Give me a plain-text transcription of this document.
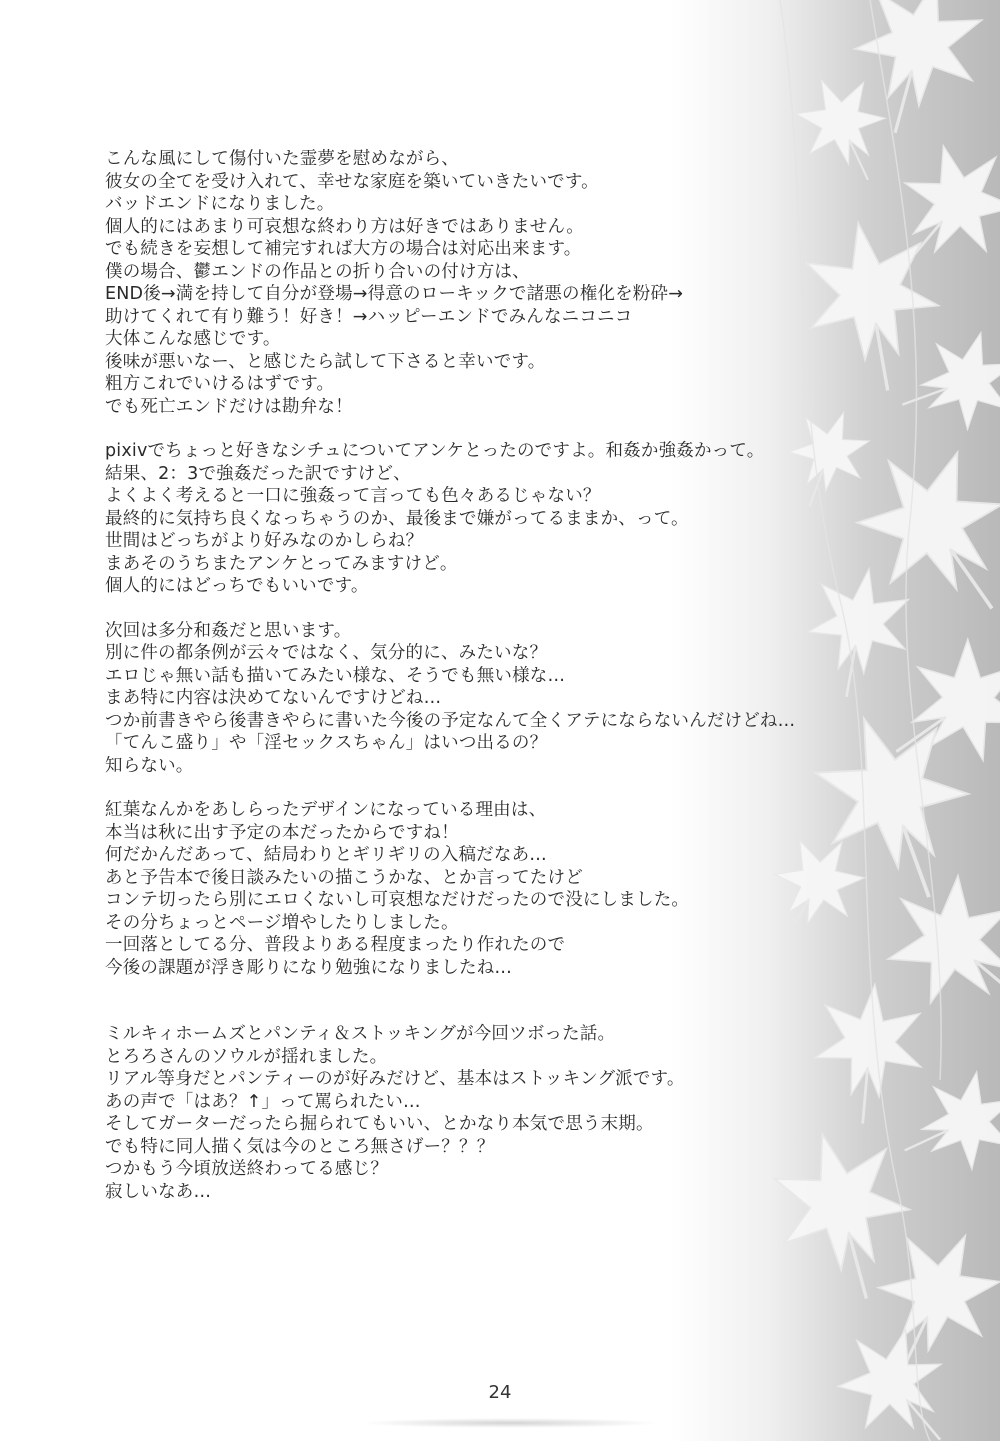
こんな風にして傷付いた霊夢を慰めながら、
彼女の全てを受け入れて、幸せな家庭を築いていきたいです。
バッドエンドになりました。
個人的にはあまり可哀想な終わり方は好きではありません。
でも続きを妄想して補完すれば大方の場合は対応出来ます。
僕の場合、鬱エンドの作品との折り合いの付け方は、
END後→満を持して自分が登場→得意のローキックで諸悪の権化を粉砕→
助けてくれて有り難う！好き！→ハッピーエンドでみんなニコニコ
大体こんな感じです。
後味が悪いなー、と感じたら試して下さると幸いです。
粗方これでいけるはずです。
でも死亡エンドだけは勘弁な！
pixivでちょっと好きなシチュについてアンケとったのですよ。和姦か強姦かって。
結果、2：3で強姦だった訳ですけど、
よくよく考えると一口に強姦って言っても色々あるじゃない？
最終的に気持ち良くなっちゃうのか、最後まで嫌がってるままか、って。
世間はどっちがより好みなのかしらね？
まあそのうちまたアンケとってみますけど。
個人的にはどっちでもいいです。
次回は多分和姦だと思います。
別に件の都条例が云々ではなく、気分的に、みたいな？
エロじゃ無い話も描いてみたい様な、そうでも無い様な…
まあ特に内容は決めてないんですけどね…
つか前書きやら後書きやらに書いた今後の予定なんて全くアテにならないんだけどね…
「てんこ盛り」や「淫セックスちゃん」はいつ出るの？
知らない。
紅葉なんかをあしらったデザインになっている理由は、
本当は秋に出す予定の本だったからですね！
何だかんだあって、結局わりとギリギリの入稿だなあ…
あと予告本で後日談みたいの描こうかな、とか言ってたけど
コンテ切ったら別にエロくないし可哀想なだけだったので没にしました。
その分ちょっとページ増やしたりしました。
一回落としてる分、普段よりある程度まったり作れたので
今後の課題が浮き彫りになり勉強になりましたね…
ミルキィホームズとパンティ＆ストッキングが今回ツボった話。
とろろさんのソウルが揺れました。
リアル等身だとパンティーのが好みだけど、基本はストッキング派です。
あの声で「はあ？↑」って罵られたい…
そしてガーターだったら掘られてもいい、とかなり本気で思う末期。
でも特に同人描く気は今のところ無さげー？？？
つかもう今頃放送終わってる感じ？
寂しいなあ…
24
